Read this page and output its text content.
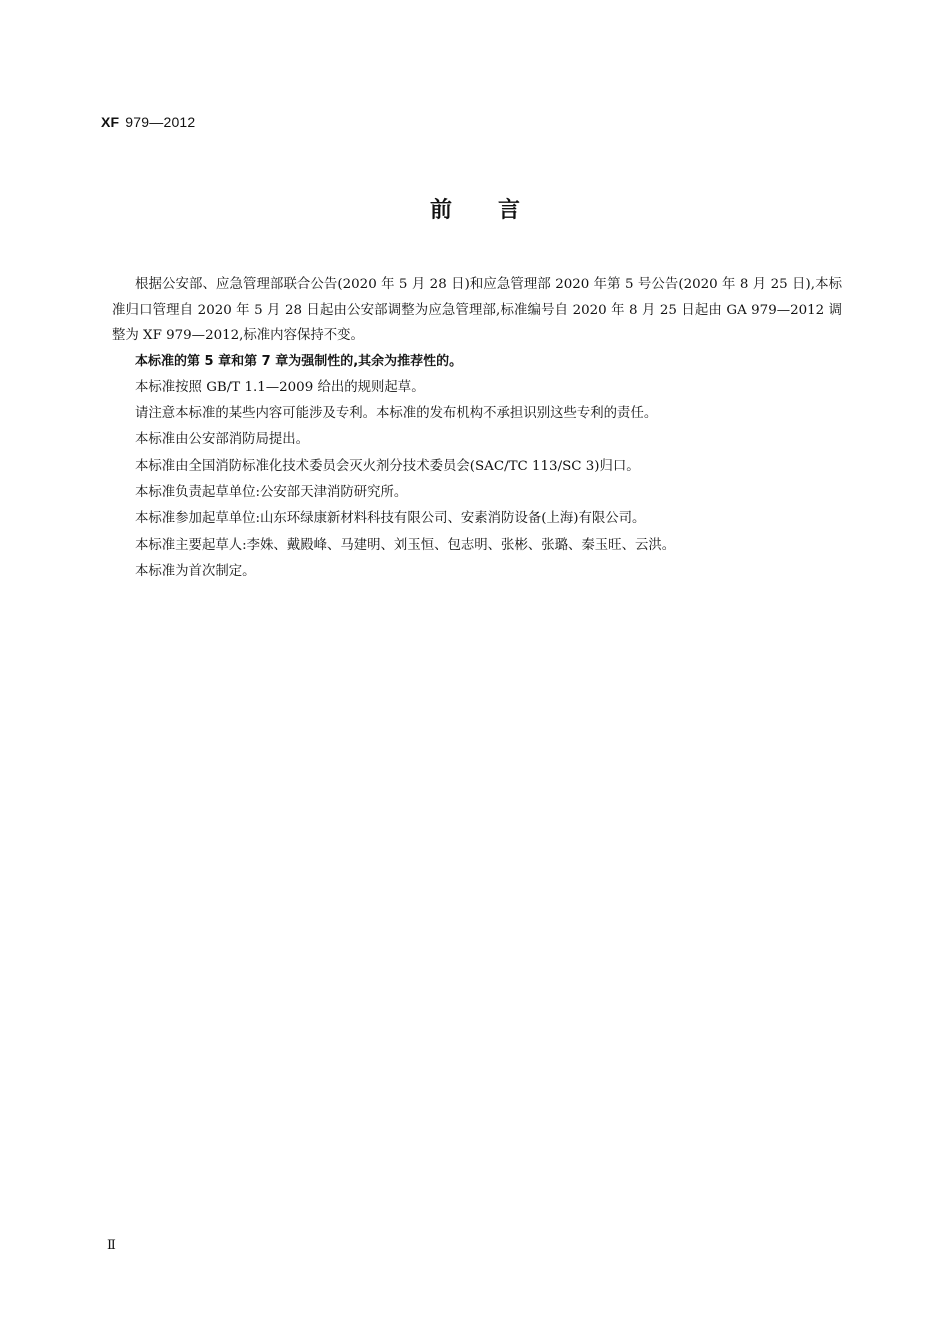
XF 979—2012
前言

根据公安部、应急管理部联合公告(2020 年 5 月 28 日)和应急管理部 2020 年第 5 号公告(2020 年 8 月 25 日),本标准归口管理自 2020 年 5 月 28 日起由公安部调整为应急管理部,标准编号自 2020 年 8 月 25 日起由 GA 979—2012 调整为 XF 979—2012,标准内容保持不变。

本标准的第 5 章和第 7 章为强制性的,其余为推荐性的。

本标准按照 GB/T 1.1—2009 给出的规则起草。

请注意本标准的某些内容可能涉及专利。本标准的发布机构不承担识别这些专利的责任。

本标准由公安部消防局提出。

本标准由全国消防标准化技术委员会灭火剂分技术委员会(SAC/TC 113/SC 3)归口。

本标准负责起草单位:公安部天津消防研究所。

本标准参加起草单位:山东环绿康新材料科技有限公司、安素消防设备(上海)有限公司。

本标准主要起草人:李姝、戴殿峰、马建明、刘玉恒、包志明、张彬、张璐、秦玉旺、云洪。

本标准为首次制定。

Ⅱ
